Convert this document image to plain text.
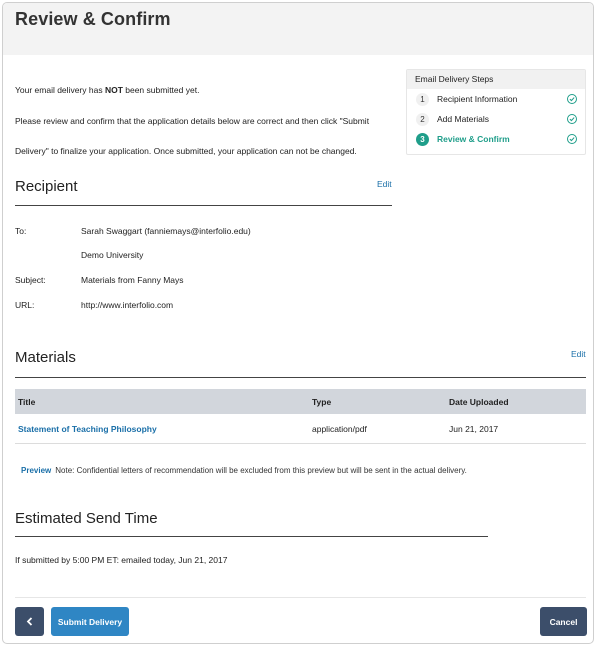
Review & Confirm
Your email delivery has NOT been submitted yet.
Please review and confirm that the application details below are correct and then click "Submit
Delivery" to finalize your application. Once submitted, your application can not be changed.
Email Delivery Steps
1	Recipient Information
2	Add Materials
3	Review & Confirm
Recipient	Edit
To:	Sarah Swaggart (fanniemays@interfolio.edu)
Demo University
Subject:	Materials from Fanny Mays
URL:	http://www.interfolio.com
Materials	Edit
Title	Type	Date Uploaded
Statement of Teaching Philosophy	application/pdf	Jun 21, 2017
Preview Note: Confidential letters of recommendation will be excluded from this preview but will be sent in the actual delivery.
Estimated Send Time
If submitted by 5:00 PM ET: emailed today, Jun 21, 2017
Submit Delivery	Cancel
